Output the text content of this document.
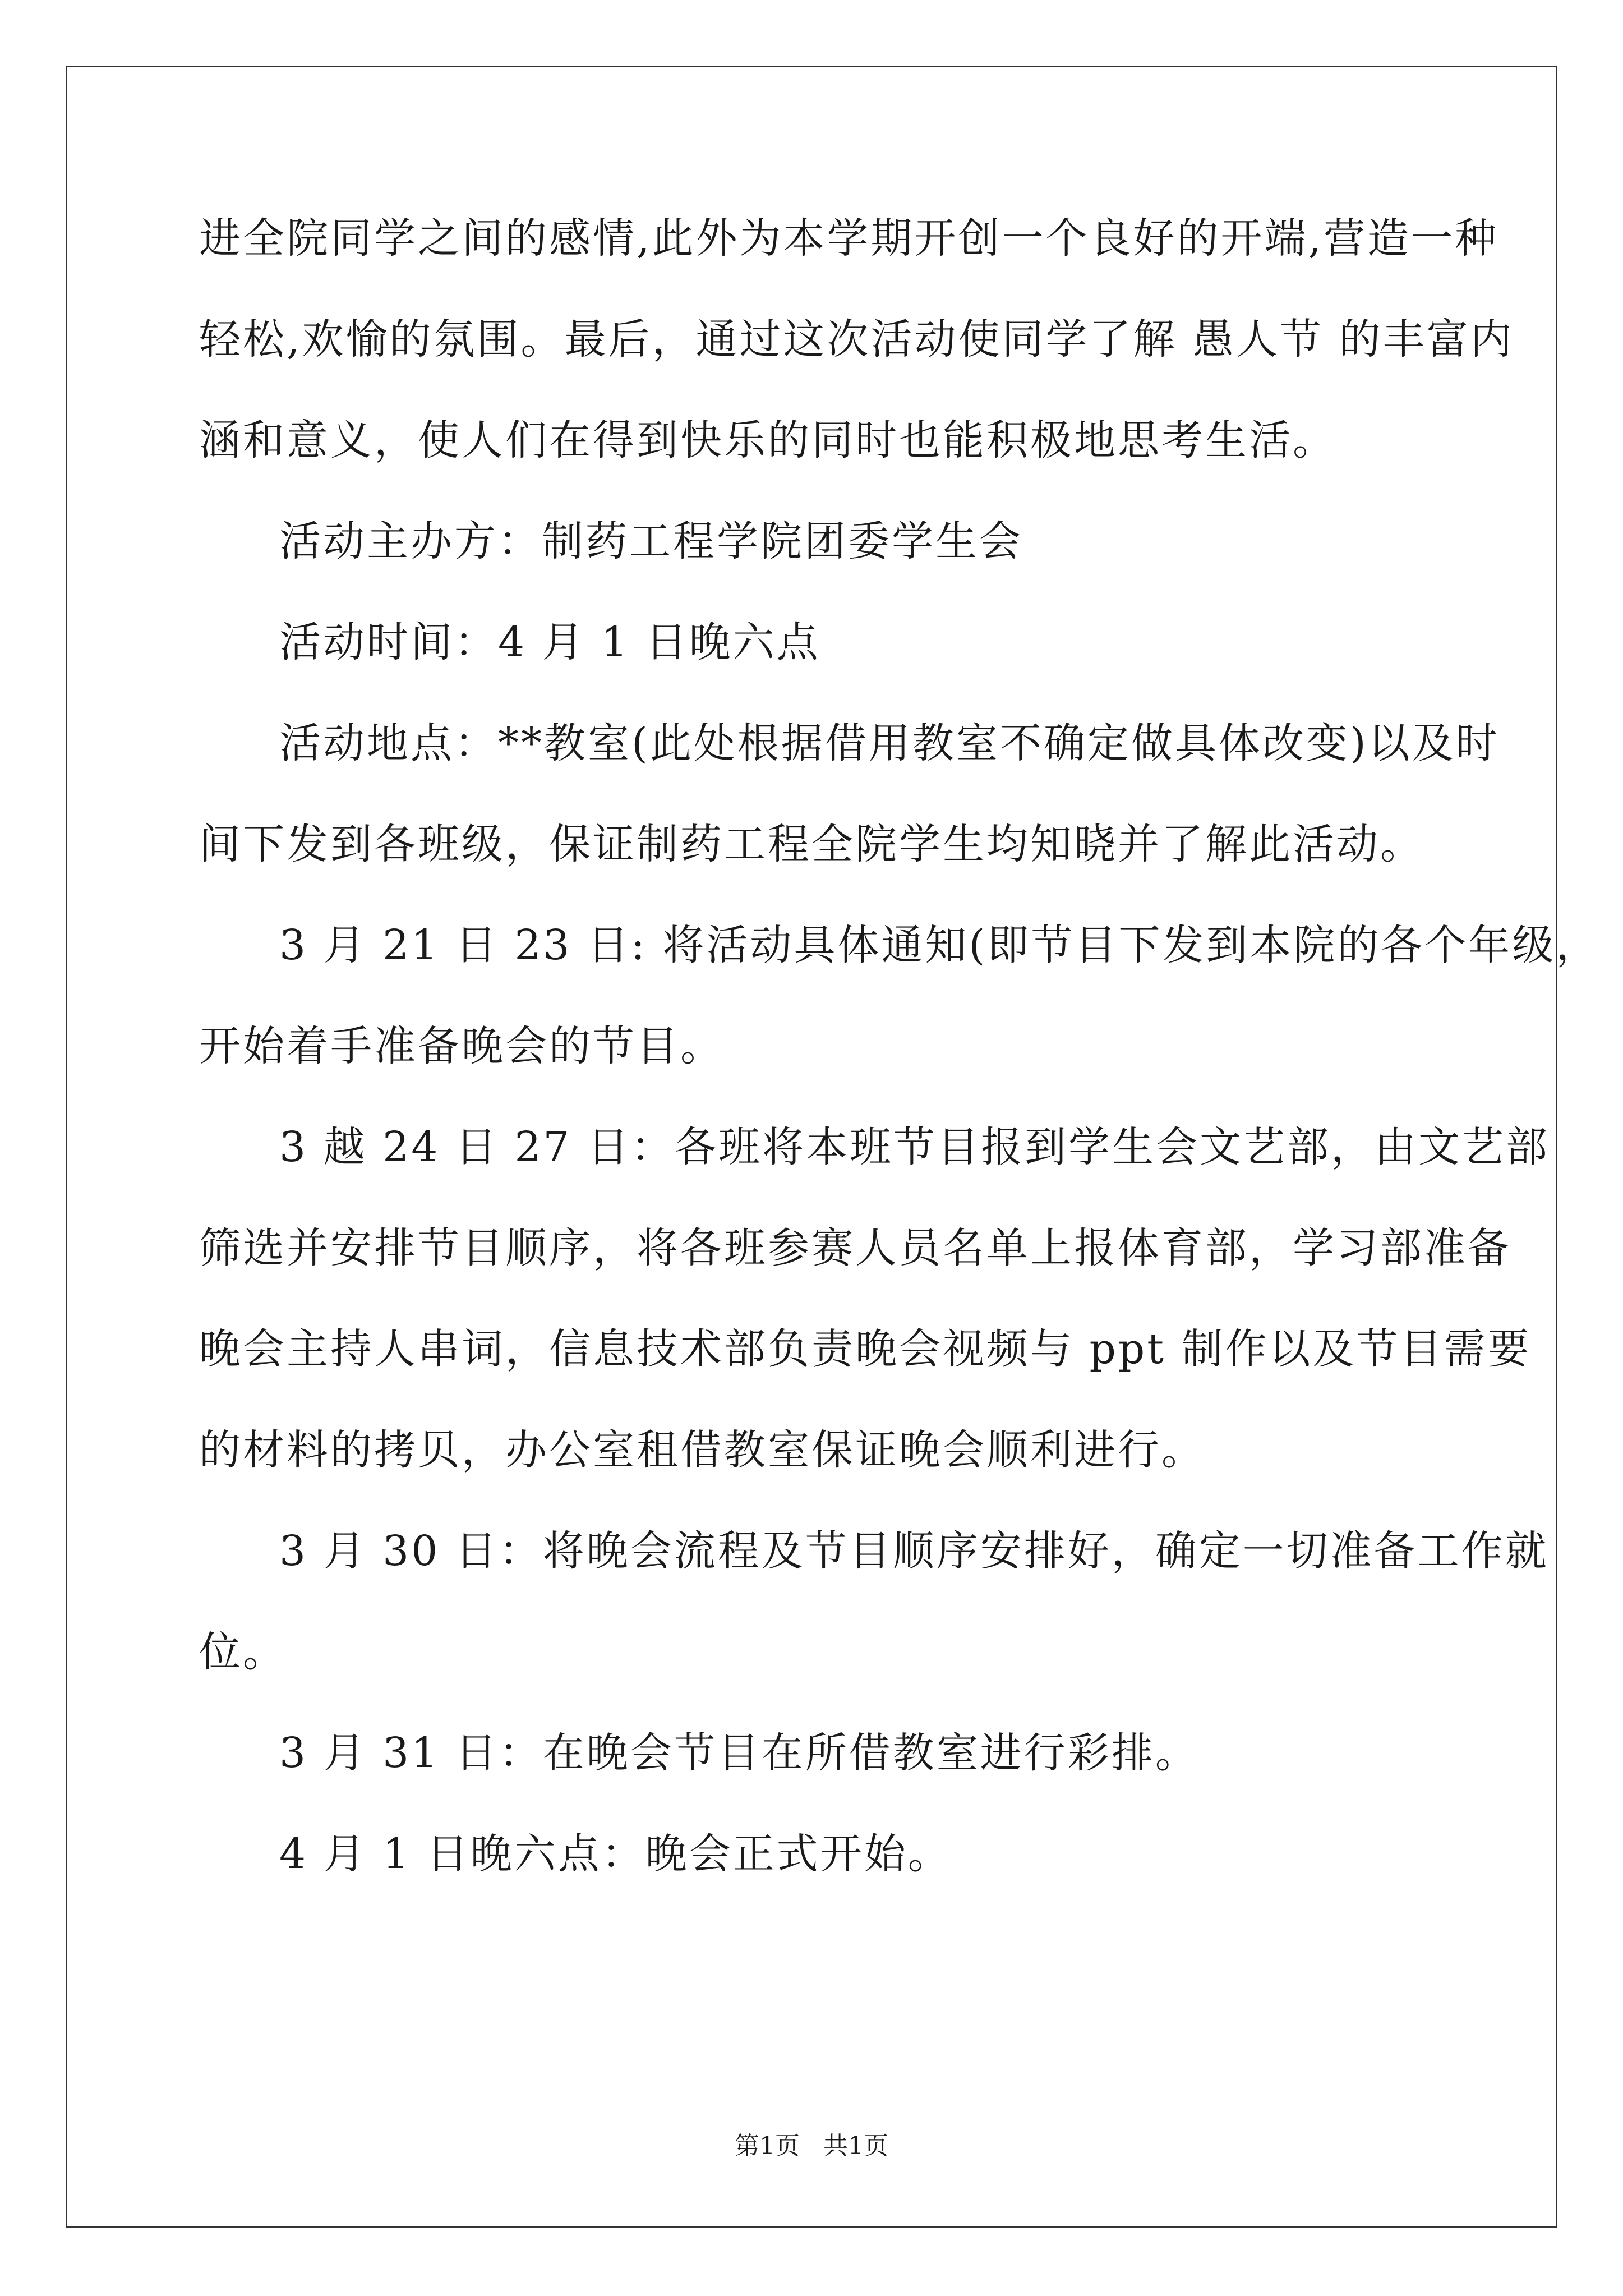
进全院同学之间的感情,此外为本学期开创一个良好的开端,营造一种
轻松,欢愉的氛围。最后，通过这次活动使同学了解 愚人节 的丰富内
涵和意义，使人们在得到快乐的同时也能积极地思考生活。
活动主办方：制药工程学院团委学生会
活动时间：4 月 1 日晚六点
活动地点：**教室(此处根据借用教室不确定做具体改变)以及时
间下发到各班级，保证制药工程全院学生均知晓并了解此活动。
3 月 21 日 23 日: 将活动具体通知(即节目下发到本院的各个年级，
开始着手准备晚会的节目。
3 越 24 日 27 日：各班将本班节目报到学生会文艺部，由文艺部
筛选并安排节目顺序，将各班参赛人员名单上报体育部，学习部准备
晚会主持人串词，信息技术部负责晚会视频与 ppt 制作以及节目需要
的材料的拷贝，办公室租借教室保证晚会顺利进行。
3 月 30 日：将晚会流程及节目顺序安排好，确定一切准备工作就
位。
3 月 31 日：在晚会节目在所借教室进行彩排。
4 月 1 日晚六点：晚会正式开始。
第1页   共1页
